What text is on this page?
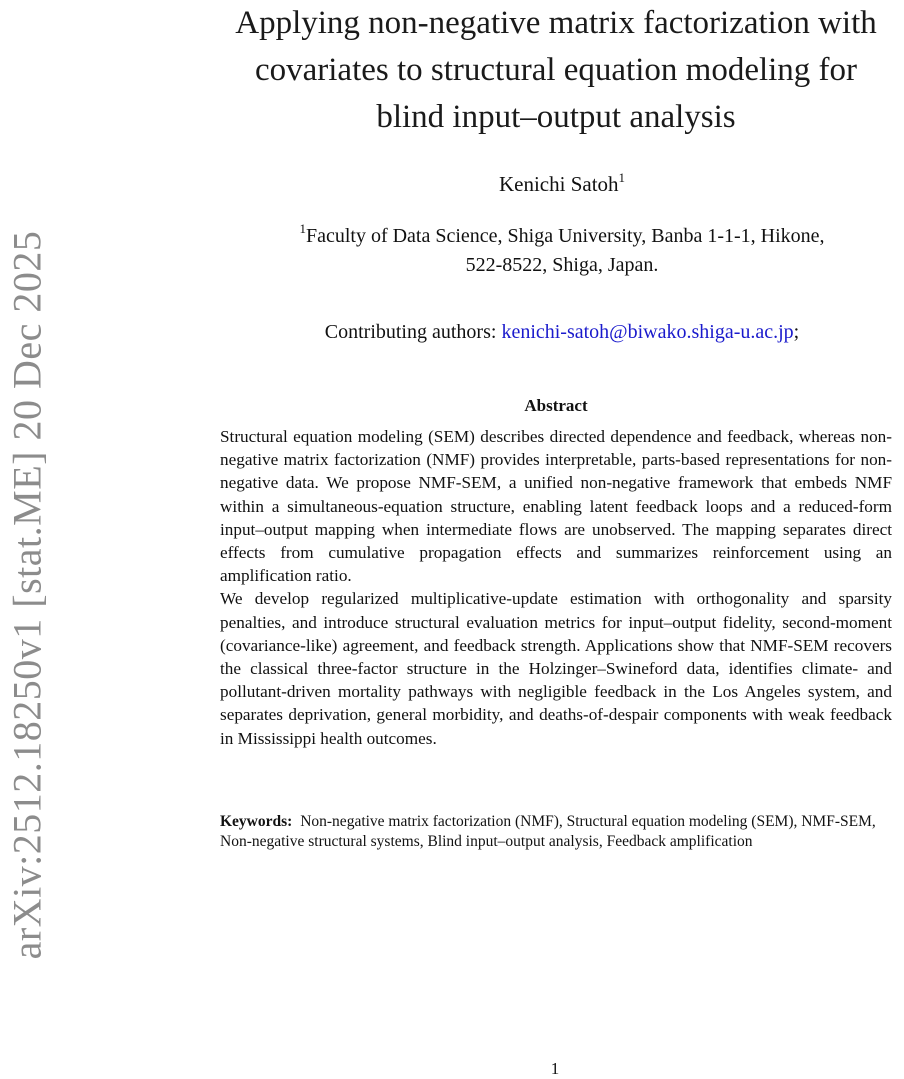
arXiv:2512.18250v1 [stat.ME] 20 Dec 2025
Applying non-negative matrix factorization with
covariates to structural equation modeling for
blind input–output analysis
Kenichi Satoh$^1$
$^1$Faculty of Data Science, Shiga University, Banba 1-1-1, Hikone,
522-8522, Shiga, Japan.
Contributing authors: kenichi-satoh@biwako.shiga-u.ac.jp;
Abstract

Structural equation modeling (SEM) describes directed dependence and feedback, whereas non-negative matrix factorization (NMF) provides interpretable, parts-based representations for non-negative data. We propose NMF-SEM, a unified non-negative framework that embeds NMF within a simultaneous-equation structure, enabling latent feedback loops and a reduced-form input–output mapping when intermediate flows are unobserved. The mapping separates direct effects from cumulative propagation effects and summarizes reinforcement using an amplification ratio.

We develop regularized multiplicative-update estimation with orthogonality and sparsity penalties, and introduce structural evaluation metrics for input–output fidelity, second-moment (covariance-like) agreement, and feedback strength. Applications show that NMF-SEM recovers the classical three-factor structure in the Holzinger–Swineford data, identifies climate- and pollutant-driven mortality pathways with negligible feedback in the Los Angeles system, and separates deprivation, general morbidity, and deaths-of-despair components with weak feedback in Mississippi health outcomes.

Keywords: Non-negative matrix factorization (NMF), Structural equation modeling (SEM), NMF-SEM, Non-negative structural systems, Blind input–output analysis, Feedback amplification
1
